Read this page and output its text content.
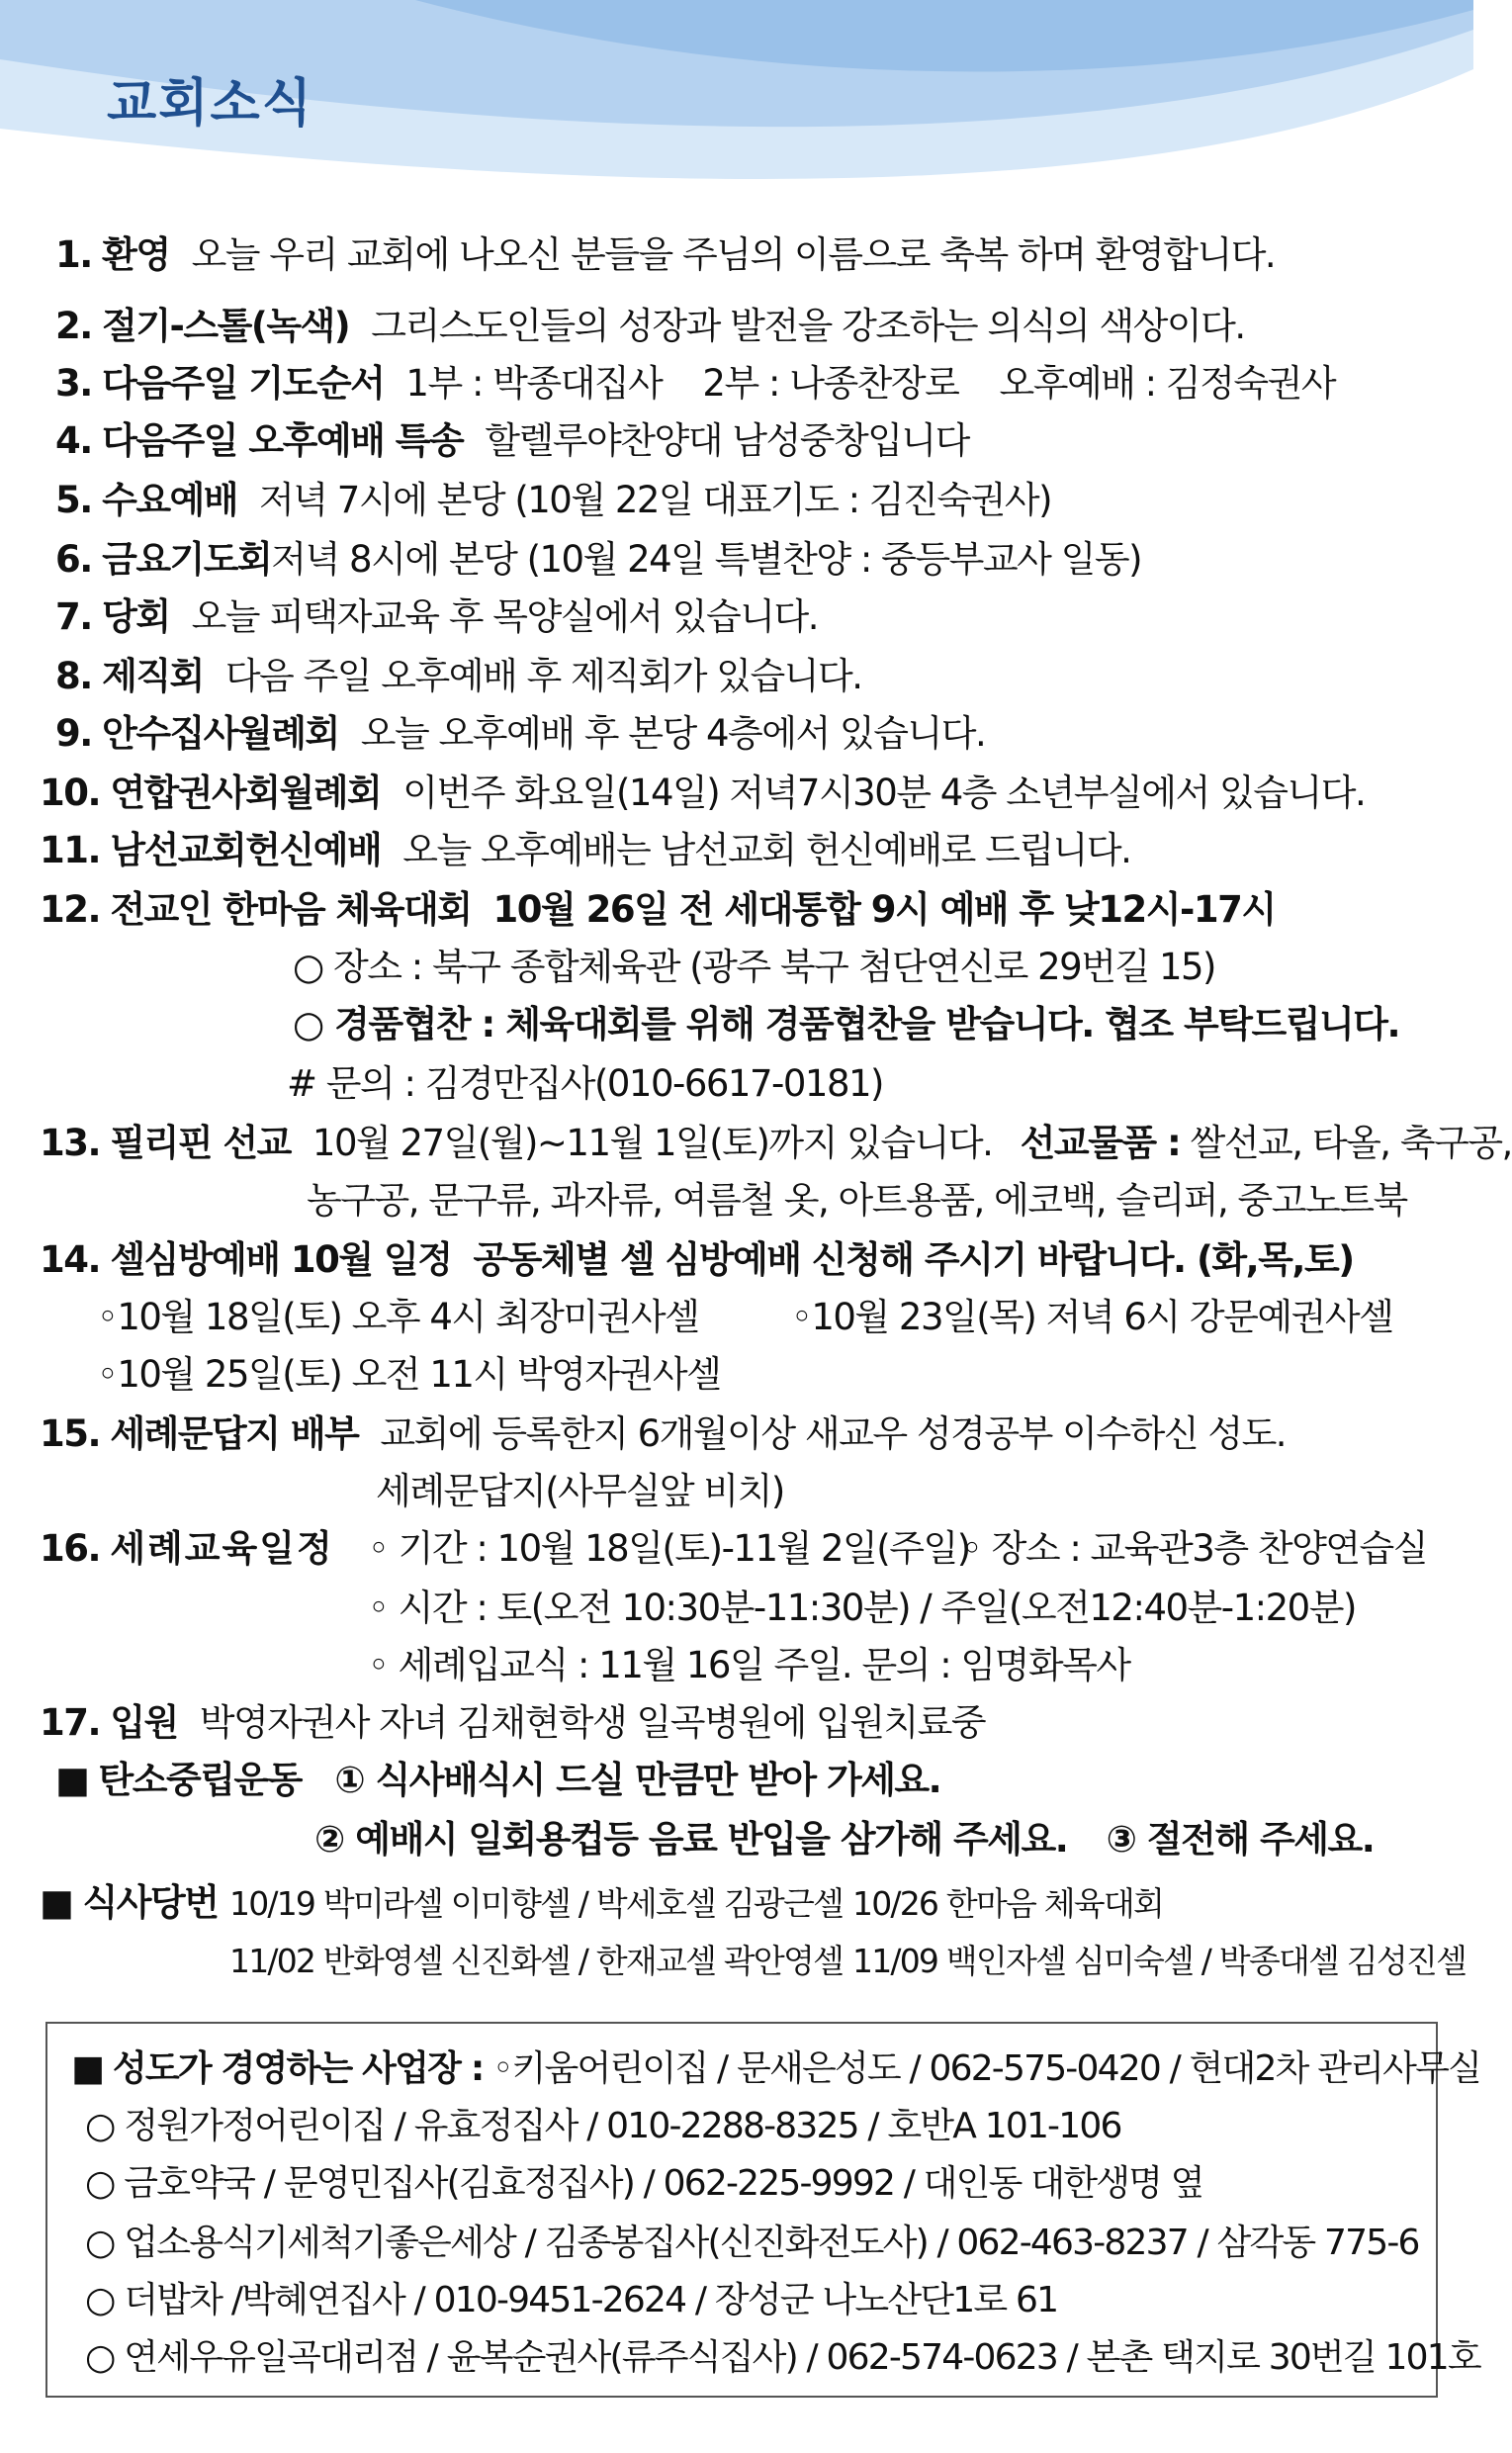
교회소식
1. 환영 오늘 우리 교회에 나오신 분들을 주님의 이름으로 축복 하며 환영합니다.
2. 절기-스톨(녹색) 그리스도인들의 성장과 발전을 강조하는 의식의 색상이다.
3. 다음주일 기도순서 1부 : 박종대집사    2부 : 나종찬장로    오후예배 : 김정숙권사
4. 다음주일 오후예배 특송 할렐루야찬양대 남성중창입니다
5. 수요예배 저녁 7시에 본당 (10월 22일 대표기도 : 김진숙권사)
6. 금요기도회저녁 8시에 본당 (10월 24일 특별찬양 : 중등부교사 일동)
7. 당회 오늘 피택자교육 후 목양실에서 있습니다.
8. 제직회 다음 주일 오후예배 후 제직회가 있습니다.
9. 안수집사월례회 오늘 오후예배 후 본당 4층에서 있습니다.
10. 연합권사회월례회 이번주 화요일(14일) 저녁7시30분 4층 소년부실에서 있습니다.
11. 남선교회헌신예배 오늘 오후예배는 남선교회 헌신예배로 드립니다.
12. 전교인 한마음 체육대회 10월 26일 전 세대통합 9시 예배 후 낮12시-17시
○ 장소 : 북구 종합체육관 (광주 북구 첨단연신로 29번길 15)
○ 경품협찬 : 체육대회를 위해 경품협찬을 받습니다. 협조 부탁드립니다.
# 문의 : 김경만집사(010-6617-0181)
13. 필리핀 선교 10월 27일(월)~11월 1일(토)까지 있습니다. 선교물품 : 쌀선교, 타올, 축구공,
농구공, 문구류, 과자류, 여름철 옷, 아트용품, 에코백, 슬리퍼, 중고노트북
14. 셀심방예배 10월 일정 공동체별 셀 심방예배 신청해 주시기 바랍니다. (화,목,토)
◦10월 18일(토) 오후 4시 최장미권사셀	◦10월 23일(목) 저녁 6시 강문예권사셀
◦10월 25일(토) 오전 11시 박영자권사셀
15. 세례문답지 배부 교회에 등록한지 6개월이상 새교우 성경공부 이수하신 성도.
세례문답지(사무실앞 비치)
16. 세례교육일정 ◦ 기간 : 10월 18일(토)-11월 2일(주일)
◦ 장소 : 교육관3층 찬양연습실
◦ 시간 : 토(오전 10:30분-11:30분) / 주일(오전12:40분-1:20분)
◦ 세례입교식 : 11월 16일 주일. 문의 : 임명화목사
17. 입원 박영자권사 자녀 김채현학생 일곡병원에 입원치료중
■ 탄소중립운동 ① 식사배식시 드실 만큼만 받아 가세요.
② 예배시 일회용컵등 음료 반입을 삼가해 주세요. ③ 절전해 주세요.
■ 식사당번 10/19 박미라셀 이미향셀 / 박세호셀 김광근셀 10/26 한마음 체육대회
11/02 반화영셀 신진화셀 / 한재교셀 곽안영셀 11/09 백인자셀 심미숙셀 / 박종대셀 김성진셀
■ 성도가 경영하는 사업장 : ◦키움어린이집 / 문새은성도 / 062-575-0420 / 현대2차 관리사무실
○ 정원가정어린이집 / 유효정집사 / 010-2288-8325 / 호반A 101-106
○ 금호약국 / 문영민집사(김효정집사) / 062-225-9992 / 대인동 대한생명 옆
○ 업소용식기세척기좋은세상 / 김종봉집사(신진화전도사) / 062-463-8237 / 삼각동 775-6
○ 더밥차 /박혜연집사 / 010-9451-2624 / 장성군 나노산단1로 61
○ 연세우유일곡대리점 / 윤복순권사(류주식집사) / 062-574-0623 / 본촌 택지로 30번길 101호
